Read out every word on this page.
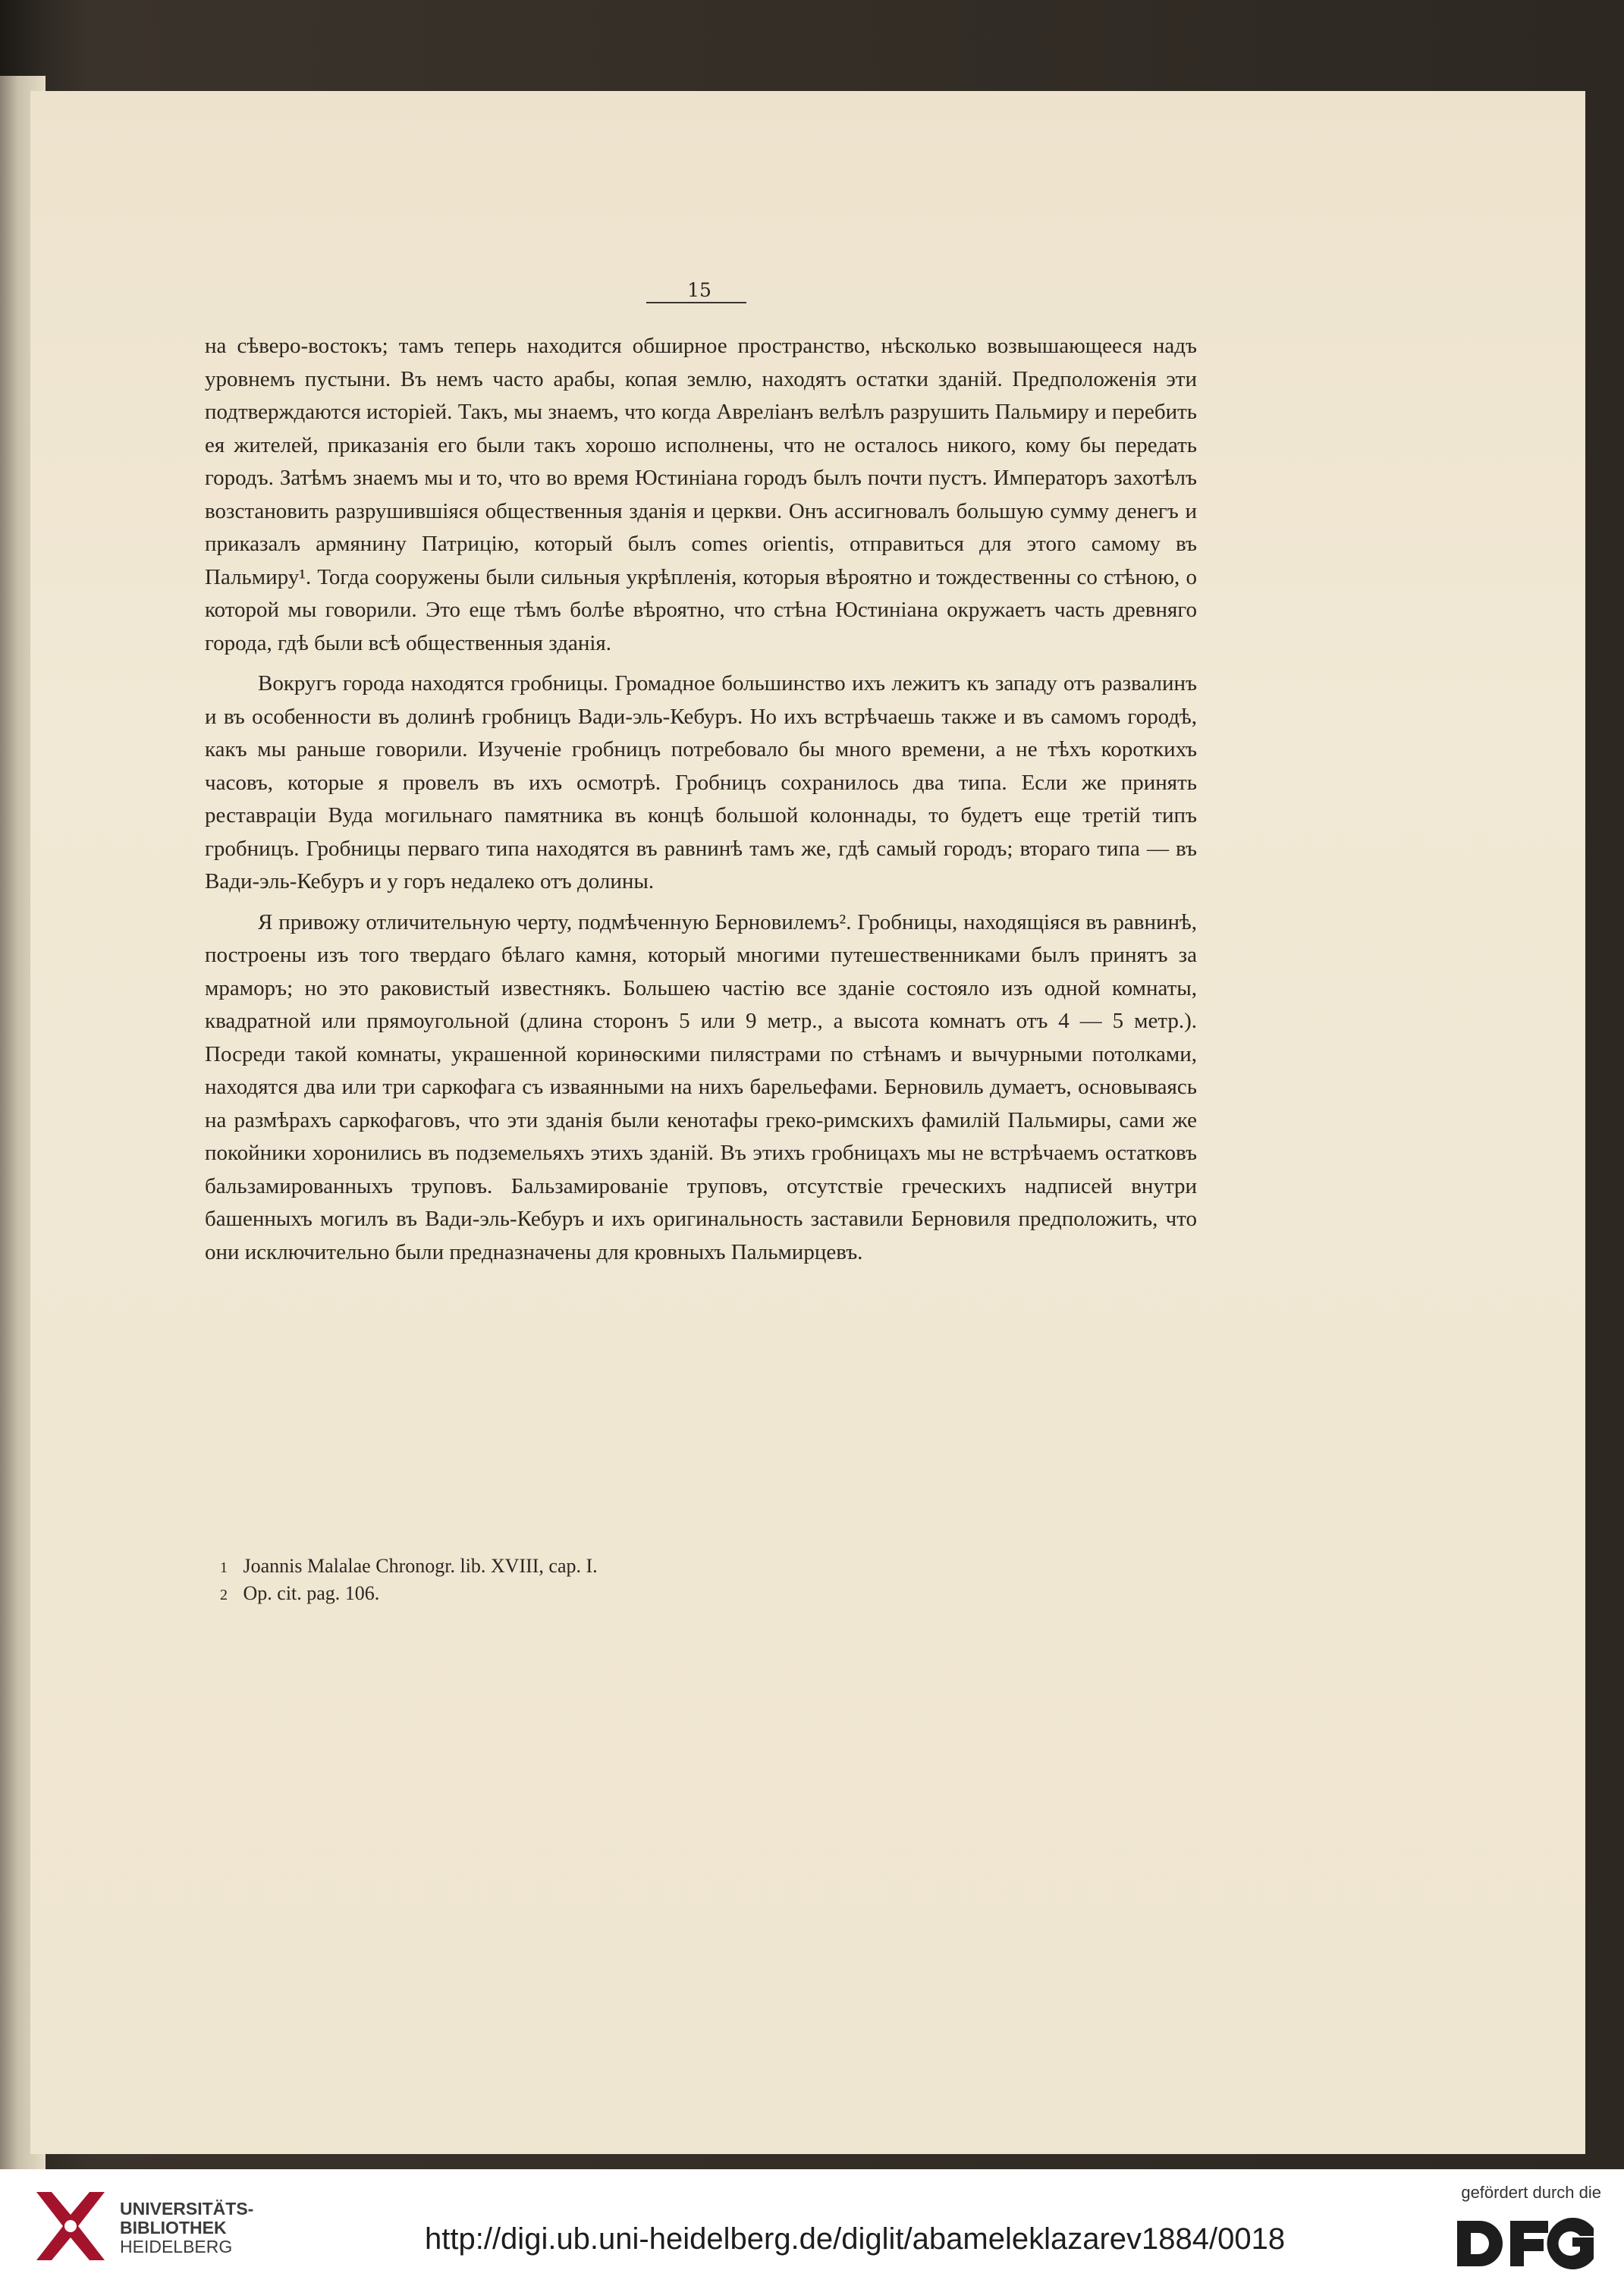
15

на сѣверо-востокъ; тамъ теперь находится обширное пространство, нѣсколько возвышающееся надъ уровнемъ пустыни. Въ немъ часто арабы, копая землю, находятъ остатки зданій. Предположенія эти подтверждаются исторіей. Такъ, мы знаемъ, что когда Авреліанъ велѣлъ разрушить Пальмиру и перебить ея жителей, приказанія его были такъ хорошо исполнены, что не осталось никого, кому бы передать городъ. Затѣмъ знаемъ мы и то, что во время Юстиніана городъ былъ почти пустъ. Императоръ захотѣлъ возстановить разрушившіяся общественныя зданія и церкви. Онъ ассигновалъ большую сумму денегъ и приказалъ армянину Патрицію, который былъ comes orientis, отправиться для этого самому въ Пальмиру¹. Тогда сооружены были сильныя укрѣпленія, которыя вѣроятно и тождественны со стѣною, о которой мы говорили. Это еще тѣмъ болѣе вѣроятно, что стѣна Юстиніана окружаетъ часть древняго города, гдѣ были всѣ общественныя зданія.

Вокругъ города находятся гробницы. Громадное большинство ихъ лежитъ къ западу отъ развалинъ и въ особенности въ долинѣ гробницъ Вади-эль-Кебуръ. Но ихъ встрѣчаешь также и въ самомъ городѣ, какъ мы раньше говорили. Изученіе гробницъ потребовало бы много времени, а не тѣхъ короткихъ часовъ, которые я провелъ въ ихъ осмотрѣ. Гробницъ сохранилось два типа. Если же принять реставраціи Вуда могильнаго памятника въ концѣ большой колоннады, то будетъ еще третій типъ гробницъ. Гробницы перваго типа находятся въ равнинѣ тамъ же, гдѣ самый городъ; втораго типа — въ Вади-эль-Кебуръ и у горъ недалеко отъ долины.

Я привожу отличительную черту, подмѣченную Берновилемъ². Гробницы, находящіяся въ равнинѣ, построены изъ того твердаго бѣлаго камня, который многими путешественниками былъ принятъ за мраморъ; но это раковистый известнякъ. Большею частію все зданіе состояло изъ одной комнаты, квадратной или прямоугольной (длина сторонъ 5 или 9 метр., а высота комнатъ отъ 4 — 5 метр.). Посреди такой комнаты, украшенной коринѳскими пилястрами по стѣнамъ и вычурными потолками, находятся два или три саркофага съ изваянными на нихъ барельефами. Берновиль думаетъ, основываясь на размѣрахъ саркофаговъ, что эти зданія были кенотафы греко-римскихъ фамилій Пальмиры, сами же покойники хоронились въ подземельяхъ этихъ зданій. Въ этихъ гробницахъ мы не встрѣчаемъ остатковъ бальзамированныхъ труповъ. Бальзамированіе труповъ, отсутствіе греческихъ надписей внутри башенныхъ могилъ въ Вади-эль-Кебуръ и ихъ оригинальность заставили Берновиля предположить, что они исключительно были предназначены для кровныхъ Пальмирцевъ.

1 Joannis Malalae Chronogr. lib. XVIII, cap. I.

2 Op. cit. pag. 106.

UNIVERSITÄTS-
BIBLIOTHEK
HEIDELBERG	http://digi.ub.uni-heidelberg.de/diglit/abameleklazarev1884/0018
gefördert durch die
